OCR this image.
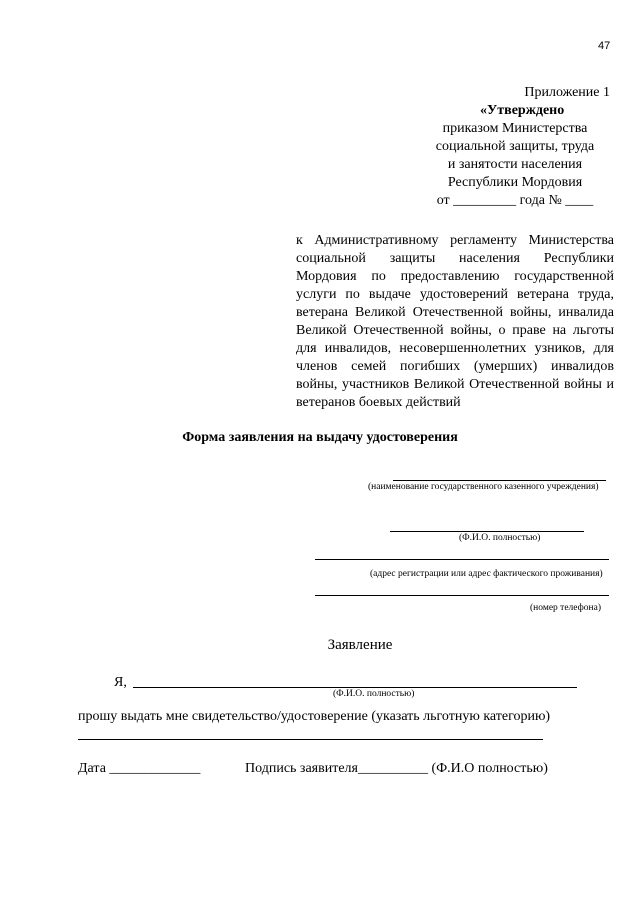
47
Приложение 1
«Утверждено
приказом Министерства
социальной защиты, труда
и занятости населения
Республики Мордовия
от _________ года № ____
к Административному регламенту Министерства социальной защиты населения Республики Мордовия по предоставлению государственной услуги по выдаче удостоверений ветерана труда, ветерана Великой Отечественной войны, инвалида Великой Отечественной войны, о праве на льготы для инвалидов, несовершеннолетних узников, для членов семей погибших (умерших) инвалидов войны, участников Великой Отечественной войны и ветеранов боевых действий
Форма заявления на выдачу удостоверения
(наименование государственного казенного учреждения)
(Ф.И.О. полностью)
(адрес регистрации или адрес фактического проживания)
(номер телефона)
Заявление
Я,
(Ф.И.О. полностью)
прошу выдать мне свидетельство/удостоверение (указать льготную категорию)
Дата _____________	Подпись заявителя__________ (Ф.И.О полностью)
